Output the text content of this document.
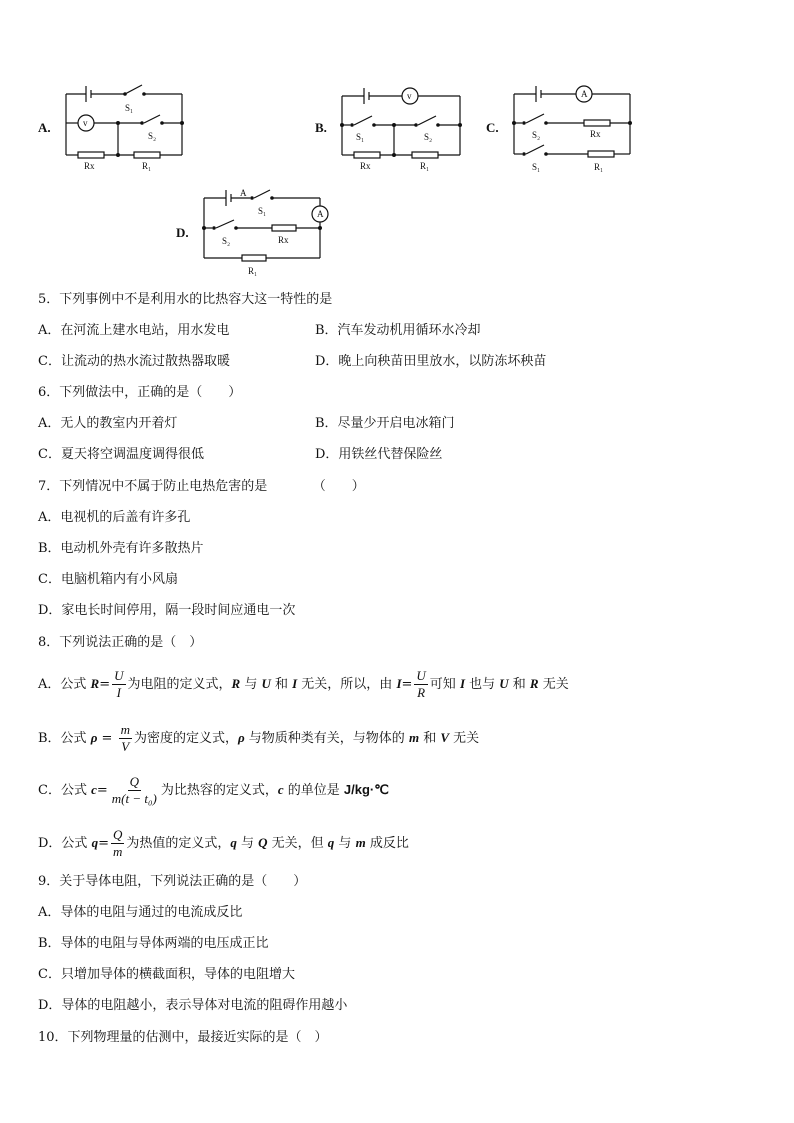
A.
S₁
v
S₂
Rx	R₁
B.
v
S₁	S₂
Rx	R₁
C.
A
S₂	Rx
S₁	R₁
D.
A
S₁	A
S₂	Rx
R₁
5．下列事例中不是利用水的比热容大这一特性的是
A．在河流上建水电站，用水发电	B．汽车发动机用循环水冷却
C．让流动的热水流过散热器取暖	D．晚上向秧苗田里放水，以防冻坏秧苗
6．下列做法中，正确的是（　　）
A．无人的教室内开着灯	B．尽量少开启电冰箱门
C．夏天将空调温度调得很低	D．用铁丝代替保险丝
7．下列情况中不属于防止电热危害的是　　　　（　　）
A．电视机的后盖有许多孔
B．电动机外壳有许多散热片
C．电脑机箱内有小风扇
D．家电长时间停用，隔一段时间应通电一次
8．下列说法正确的是（　）
A．公式 $R= \frac{U}{I}$ 为电阻的定义式，R 与 U 和 I 无关，所以，由 $I= \frac{U}{R}$ 可知 I 也与 U 和 R 无关
B．公式 $\rho = \frac{m}{V}$ 为密度的定义式，ρ 与物质种类有关，与物体的 m 和 V 无关
C．公式 $c= \frac{Q}{\text{m(t − t₀)}}$ 为比热容的定义式，c 的单位是 J/kg·℃
D．公式 $q= \frac{Q}{m}$ 为热值的定义式，q 与 Q 无关，但 q 与 m 成反比
9．关于导体电阻，下列说法正确的是（　　）
A．导体的电阻与通过的电流成反比
B．导体的电阻与导体两端的电压成正比
C．只增加导体的横截面积，导体的电阻增大
D．导体的电阻越小，表示导体对电流的阻碍作用越小
10．下列物理量的估测中，最接近实际的是（　）
